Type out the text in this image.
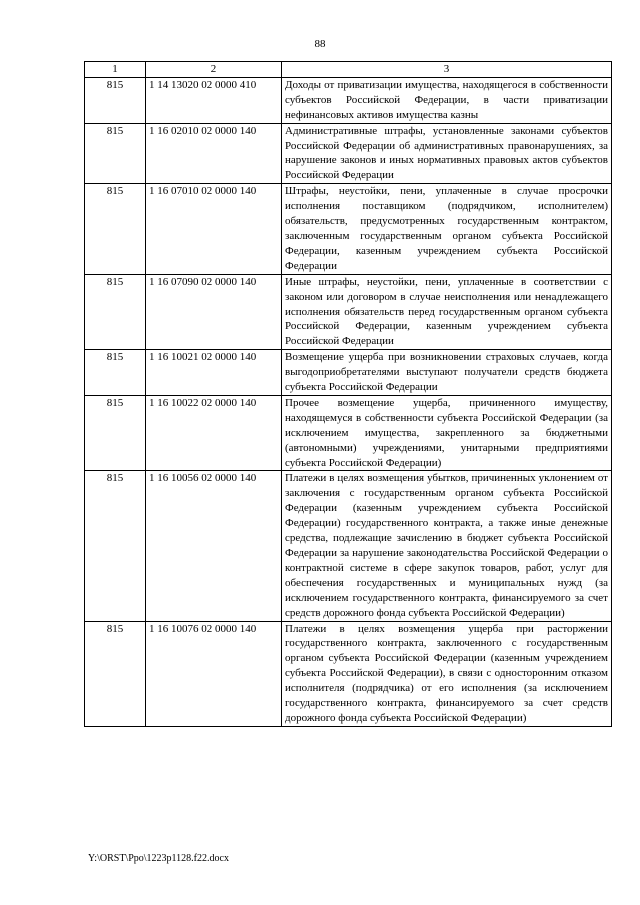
88
1	2	3
815	1 14 13020 02 0000 410	Доходы от приватизации имущества, находящегося в собственности субъектов Российской Федерации, в части приватизации нефинансовых активов имущества казны
815	1 16 02010 02 0000 140	Административные штрафы, установленные законами субъектов Российской Федерации об административных правонарушениях, за нарушение законов и иных нормативных правовых актов субъектов Российской Федерации
815	1 16 07010 02 0000 140	Штрафы, неустойки, пени, уплаченные в случае просрочки исполнения поставщиком (подрядчиком, исполнителем) обязательств, предусмотренных государственным контрактом, заключенным государственным органом субъекта Российской Федерации, казенным учреждением субъекта Российской Федерации
815	1 16 07090 02 0000 140	Иные штрафы, неустойки, пени, уплаченные в соответствии с законом или договором в случае неисполнения или ненадлежащего исполнения обязательств перед государственным органом субъекта Российской Федерации, казенным учреждением субъекта Российской Федерации
815	1 16 10021 02 0000 140	Возмещение ущерба при возникновении страховых случаев, когда выгодоприобретателями выступают получатели средств бюджета субъекта Российской Федерации
815	1 16 10022 02 0000 140	Прочее возмещение ущерба, причиненного имуществу, находящемуся в собственности субъекта Российской Федерации (за исключением имущества, закрепленного за бюджетными (автономными) учреждениями, унитарными предприятиями субъекта Российской Федерации)
815	1 16 10056 02 0000 140	Платежи в целях возмещения убытков, причиненных уклонением от заключения с государственным органом субъекта Российской Федерации (казенным учреждением субъекта Российской Федерации) государственного контракта, а также иные денежные средства, подлежащие зачислению в бюджет субъекта Российской Федерации за нарушение законодательства Российской Федерации о контрактной системе в сфере закупок товаров, работ, услуг для обеспечения государственных и муниципальных нужд (за исключением государственного контракта, финансируемого за счет средств дорожного фонда субъекта Российской Федерации)
815	1 16 10076 02 0000 140	Платежи в целях возмещения ущерба при расторжении государственного контракта, заключенного с государственным органом субъекта Российской Федерации (казенным учреждением субъекта Российской Федерации), в связи с односторонним отказом исполнителя (подрядчика) от его исполнения (за исключением государственного контракта, финансируемого за счет средств дорожного фонда субъекта Российской Федерации)
Y:\ORST\Ppo\1223p1128.f22.docx
